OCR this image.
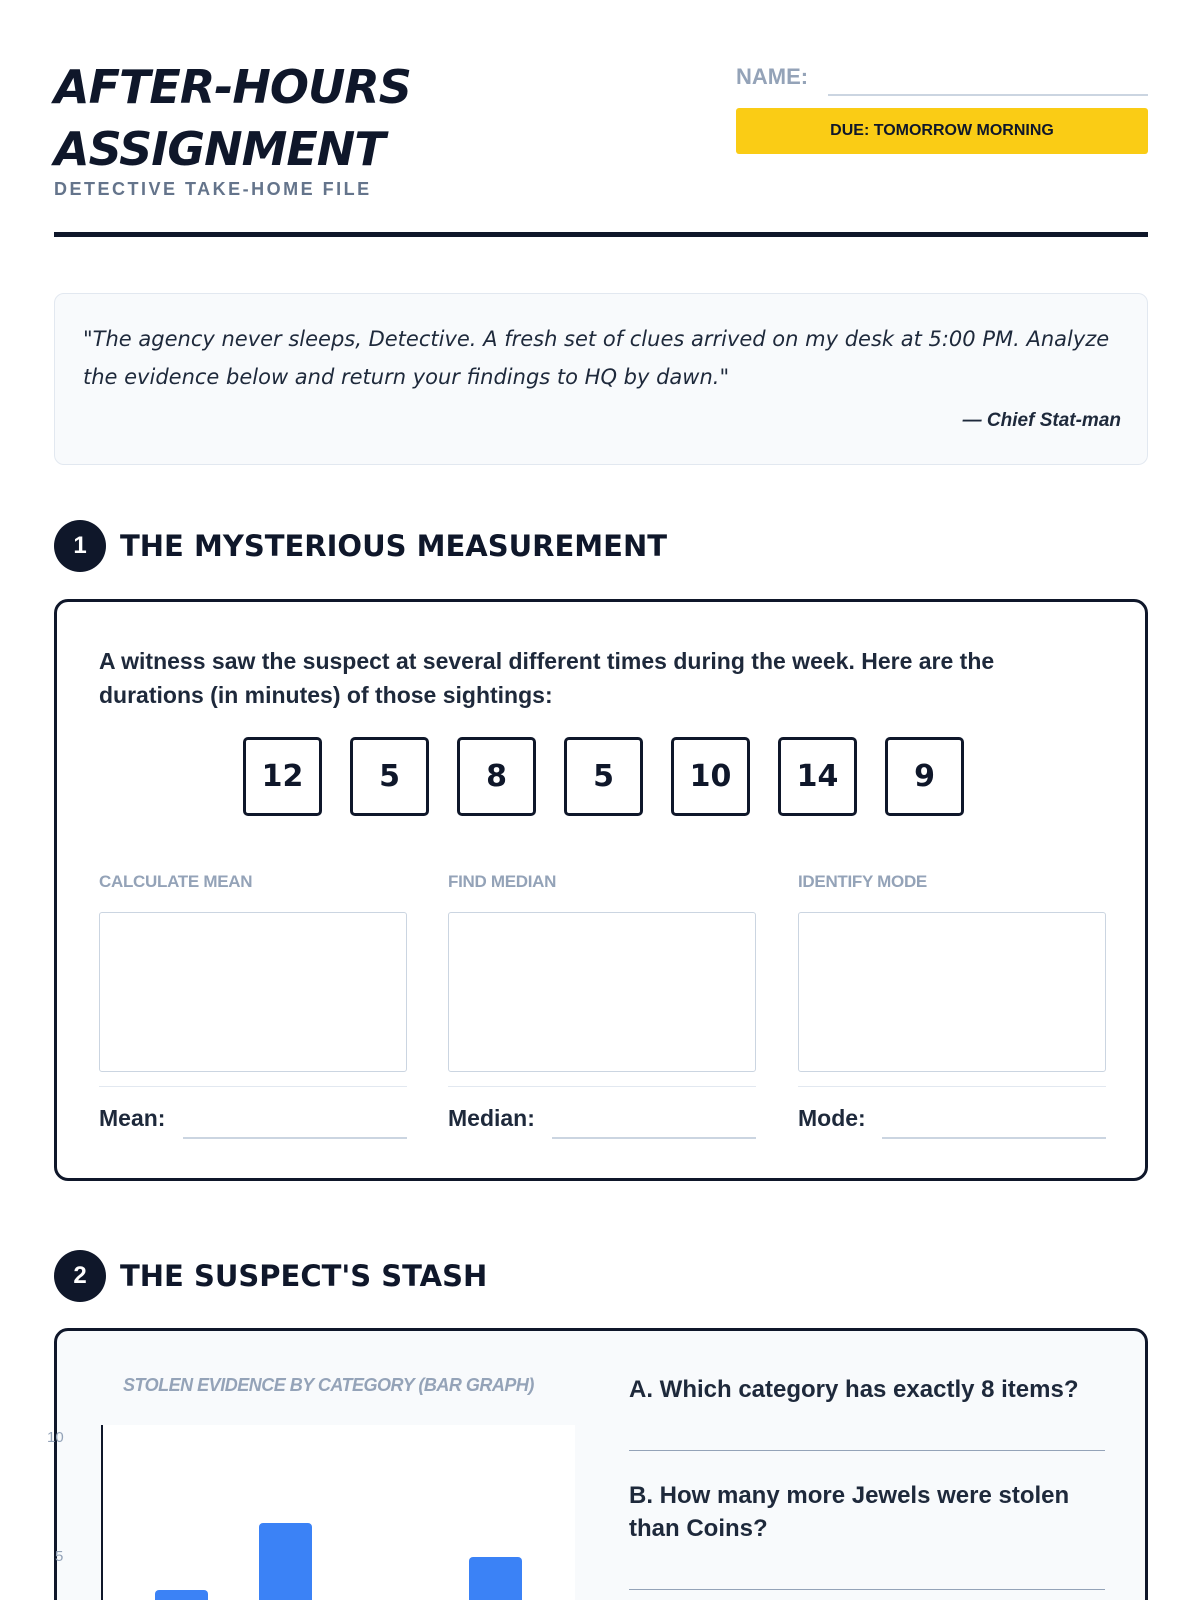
AFTER-HOURS
ASSIGNMENT
DETECTIVE TAKE-HOME FILE
NAME:
DUE: TOMORROW MORNING
"The agency never sleeps, Detective. A fresh set of clues arrived on my desk at 5:00 PM. Analyze the evidence below and return your findings to HQ by dawn."
— Chief Stat-man
1	THE MYSTERIOUS MEASUREMENT
A witness saw the suspect at several different times during the week. Here are the durations (in minutes) of those sightings:
12	5	8	5	10	14	9
CALCULATE MEAN
Mean:
FIND MEDIAN
Median:
IDENTIFY MODE
Mode:
2	THE SUSPECT'S STASH
STOLEN EVIDENCE BY CATEGORY (BAR GRAPH)
10
5
A. Which category has exactly 8 items?
B. How many more Jewels were stolen than Coins?
